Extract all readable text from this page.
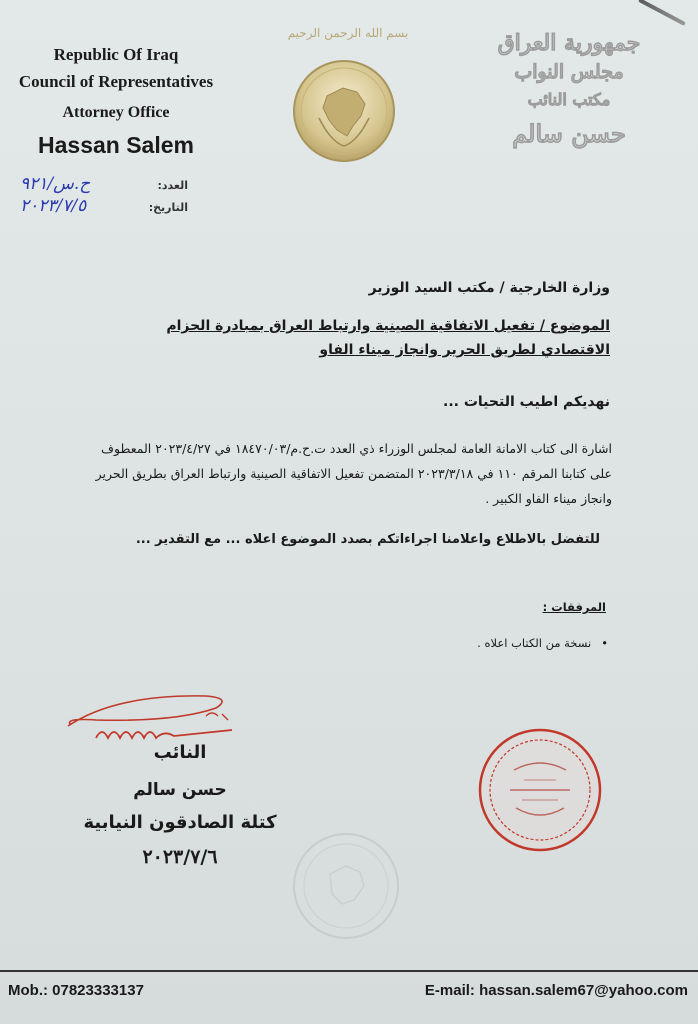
Republic Of Iraq
Council of Representatives
Attorney Office
Hassan Salem
العدد:
ح.س/٩٢١
التاريخ:
٢٠٢٣/٧/٥
بسم الله الرحمن الرحيم	جمهورية العراق
مجلس النواب
مكتب النائب
حسن سالم
وزارة الخارجية / مكتب السيد الوزير
الموضوع / تفعيل الاتفاقية الصينية وارتباط العراق بمبادرة الحزام
الاقتصادي لطريق الحرير وانجاز ميناء الفاو
نهديكم اطيب التحيات ...
اشارة الى كتاب الامانة العامة لمجلس الوزراء ذي العدد ت.ح.م/١٨٤٧٠/٠٣ في ٢٠٢٣/٤/٢٧ المعطوف على كتابنا المرقم ١١٠ في ٢٠٢٣/٣/١٨ المتضمن تفعيل الاتفاقية الصينية وارتباط العراق بطريق الحرير وانجاز ميناء الفاو الكبير .
للتفضل بالاطلاع واعلامنا اجراءاتكم بصدد الموضوع اعلاه ... مع التقدير ...
المرفقات :
• نسخة من الكتاب اعلاه .
النائب
حسن سالم
كتلة الصادقون النيابية
٢٠٢٣/٧/٦
Mob.: 07823333137	E-mail: hassan.salem67@yahoo.com
